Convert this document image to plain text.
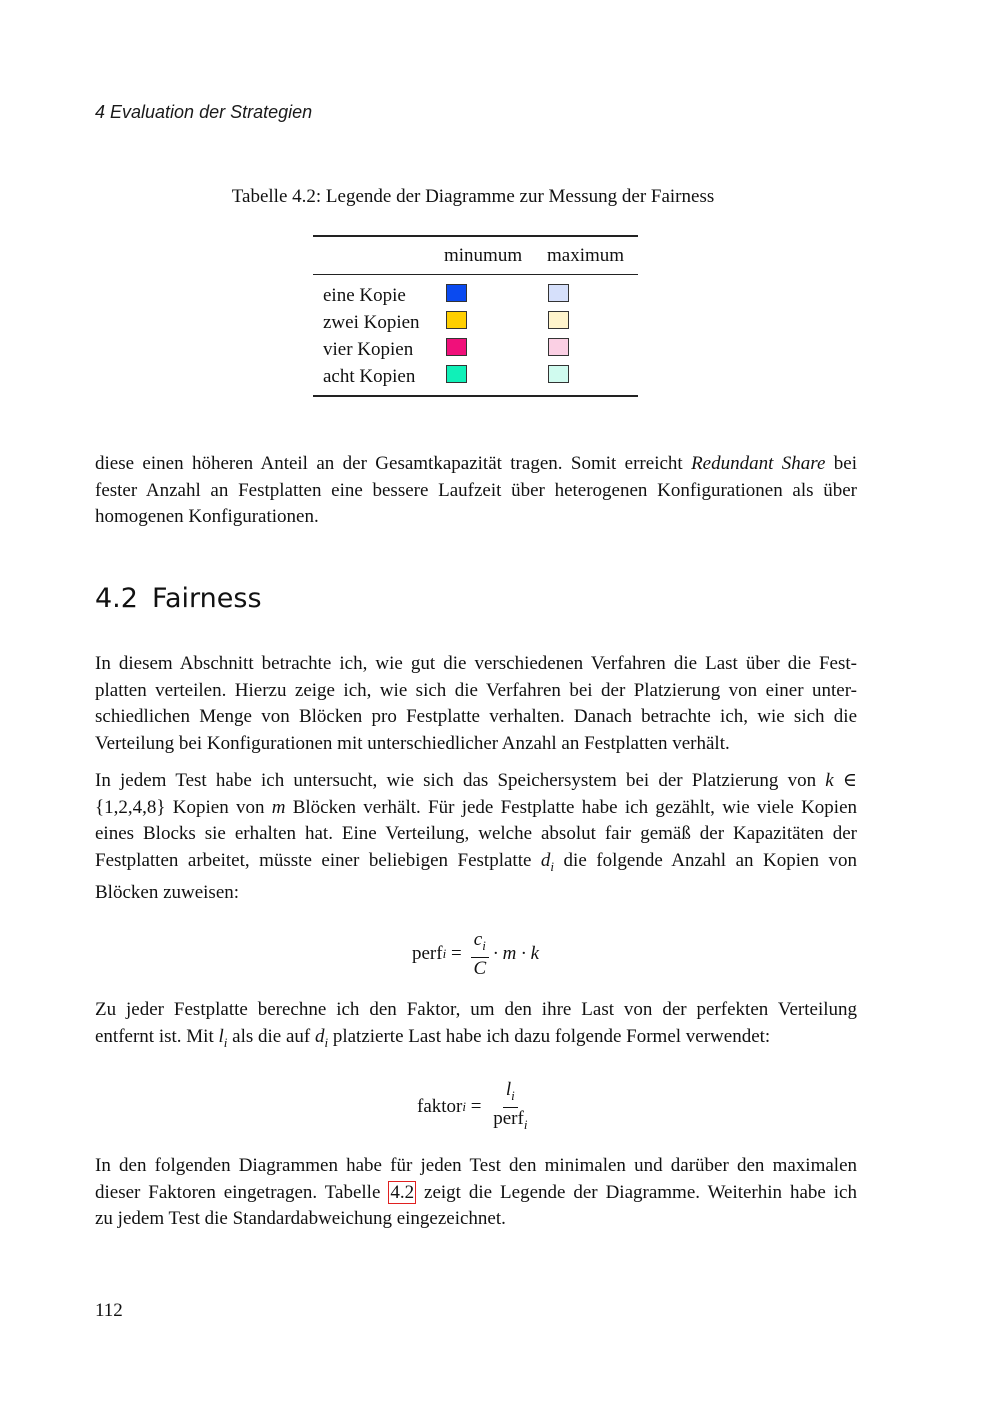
4 Evaluation der Strategien
Tabelle 4.2: Legende der Diagramme zur Messung der Fairness
minumum maximum
eine Kopie
zwei Kopien
vier Kopien
acht Kopien

diese einen höheren Anteil an der Gesamtkapazität tragen. Somit erreicht Redundant Share bei
fester Anzahl an Festplatten eine bessere Laufzeit über heterogenen Konfigurationen als über
homogenen Konfigurationen.

4.2 Fairness

In diesem Abschnitt betrachte ich, wie gut die verschiedenen Verfahren die Last über die Fest-
platten verteilen. Hierzu zeige ich, wie sich die Verfahren bei der Platzierung von einer unter-
schiedlichen Menge von Blöcken pro Festplatte verhalten. Danach betrachte ich, wie sich die
Verteilung bei Konfigurationen mit unterschiedlicher Anzahl an Festplatten verhält.

In jedem Test habe ich untersucht, wie sich das Speichersystem bei der Platzierung von k ∈
{1,2,4,8} Kopien von m Blöcken verhält. Für jede Festplatte habe ich gezählt, wie viele Kopien
eines Blocks sie erhalten hat. Eine Verteilung, welche absolut fair gemäß der Kapazitäten der
Festplatten arbeitet, müsste einer beliebigen Festplatte $d_i$ die folgende Anzahl an Kopien von
Blöcken zuweisen:

perf $i = \frac{c_i}{C} \cdot m \cdot k$

Zu jeder Festplatte berechne ich den Faktor, um den ihre Last von der perfekten Verteilung
entfernt ist. Mit $l_i$ als die auf $d_i$ platzierte Last habe ich dazu folgende Formel verwendet:

faktor $i = \frac{l_i}{perf_i}$

In den folgenden Diagrammen habe für jeden Test den minimalen und darüber den maximalen
dieser Faktoren eingetragen. Tabelle 4.2 zeigt die Legende der Diagramme. Weiterhin habe ich
zu jedem Test die Standardabweichung eingezeichnet.

112
